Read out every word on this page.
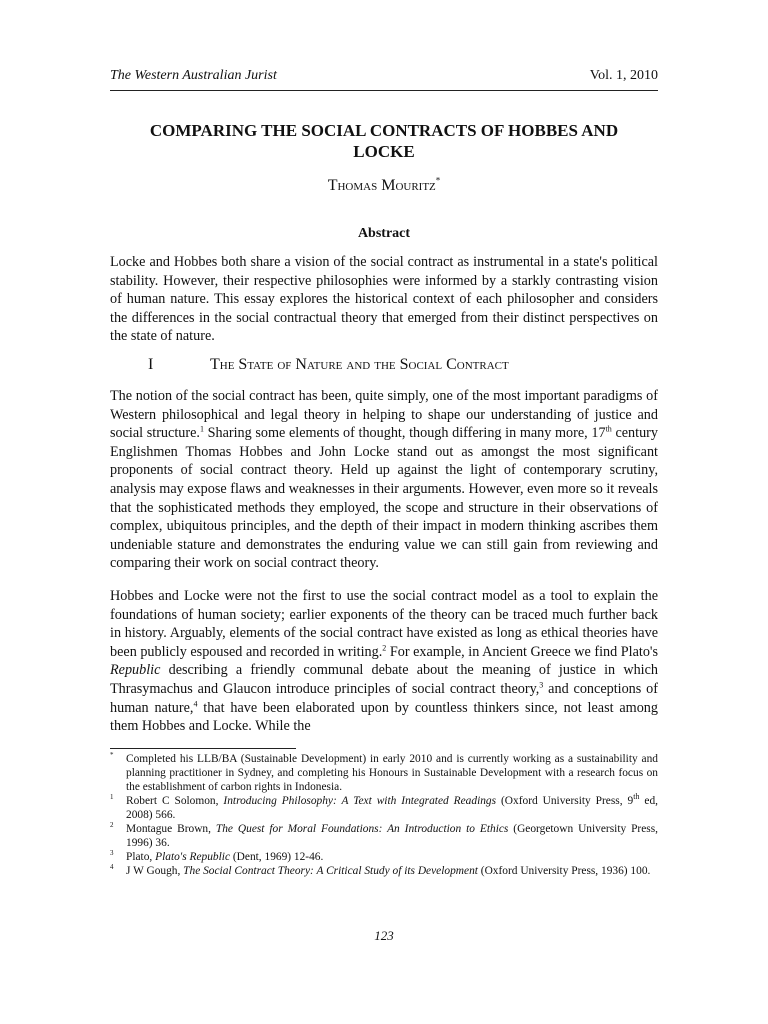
The Western Australian Jurist	Vol. 1, 2010
COMPARING THE SOCIAL CONTRACTS OF HOBBES AND
LOCKE
Thomas Mouritz*
Abstract
Locke and Hobbes both share a vision of the social contract as instrumental in a state's political stability. However, their respective philosophies were informed by a starkly contrasting vision of human nature. This essay explores the historical context of each philosopher and considers the differences in the social contractual theory that emerged from their distinct perspectives on the state of nature.
I	The State of Nature and the Social Contract
The notion of the social contract has been, quite simply, one of the most important paradigms of Western philosophical and legal theory in helping to shape our understanding of justice and social structure.$^1$ Sharing some elements of thought, though differing in many more, 17th century Englishmen Thomas Hobbes and John Locke stand out as amongst the most significant proponents of social contract theory. Held up against the light of contemporary scrutiny, analysis may expose flaws and weaknesses in their arguments. However, even more so it reveals that the sophisticated methods they employed, the scope and structure in their observations of complex, ubiquitous principles, and the depth of their impact in modern thinking ascribes them undeniable stature and demonstrates the enduring value we can still gain from reviewing and comparing their work on social contract theory.
Hobbes and Locke were not the first to use the social contract model as a tool to explain the foundations of human society; earlier exponents of the theory can be traced much further back in history. Arguably, elements of the social contract have existed as long as ethical theories have been publicly espoused and recorded in writing.$^2$ For example, in Ancient Greece we find Plato's Republic describing a friendly communal debate about the meaning of justice in which Thrasymachus and Glaucon introduce principles of social contract theory,$^3$ and conceptions of human nature,$^4$ that have been elaborated upon by countless thinkers since, not least among them Hobbes and Locke. While the
* Completed his LLB/BA (Sustainable Development) in early 2010 and is currently working as a sustainability and planning practitioner in Sydney, and completing his Honours in Sustainable Development with a research focus on the establishment of carbon rights in Indonesia.
$^1$ Robert C Solomon, Introducing Philosophy: A Text with Integrated Readings (Oxford University Press, 9th ed, 2008) 566.
$^2$ Montague Brown, The Quest for Moral Foundations: An Introduction to Ethics (Georgetown University Press, 1996) 36.
$^3$ Plato, Plato's Republic (Dent, 1969) 12-46.
$^4$ J W Gough, The Social Contract Theory: A Critical Study of its Development (Oxford University Press, 1936) 100.
123
